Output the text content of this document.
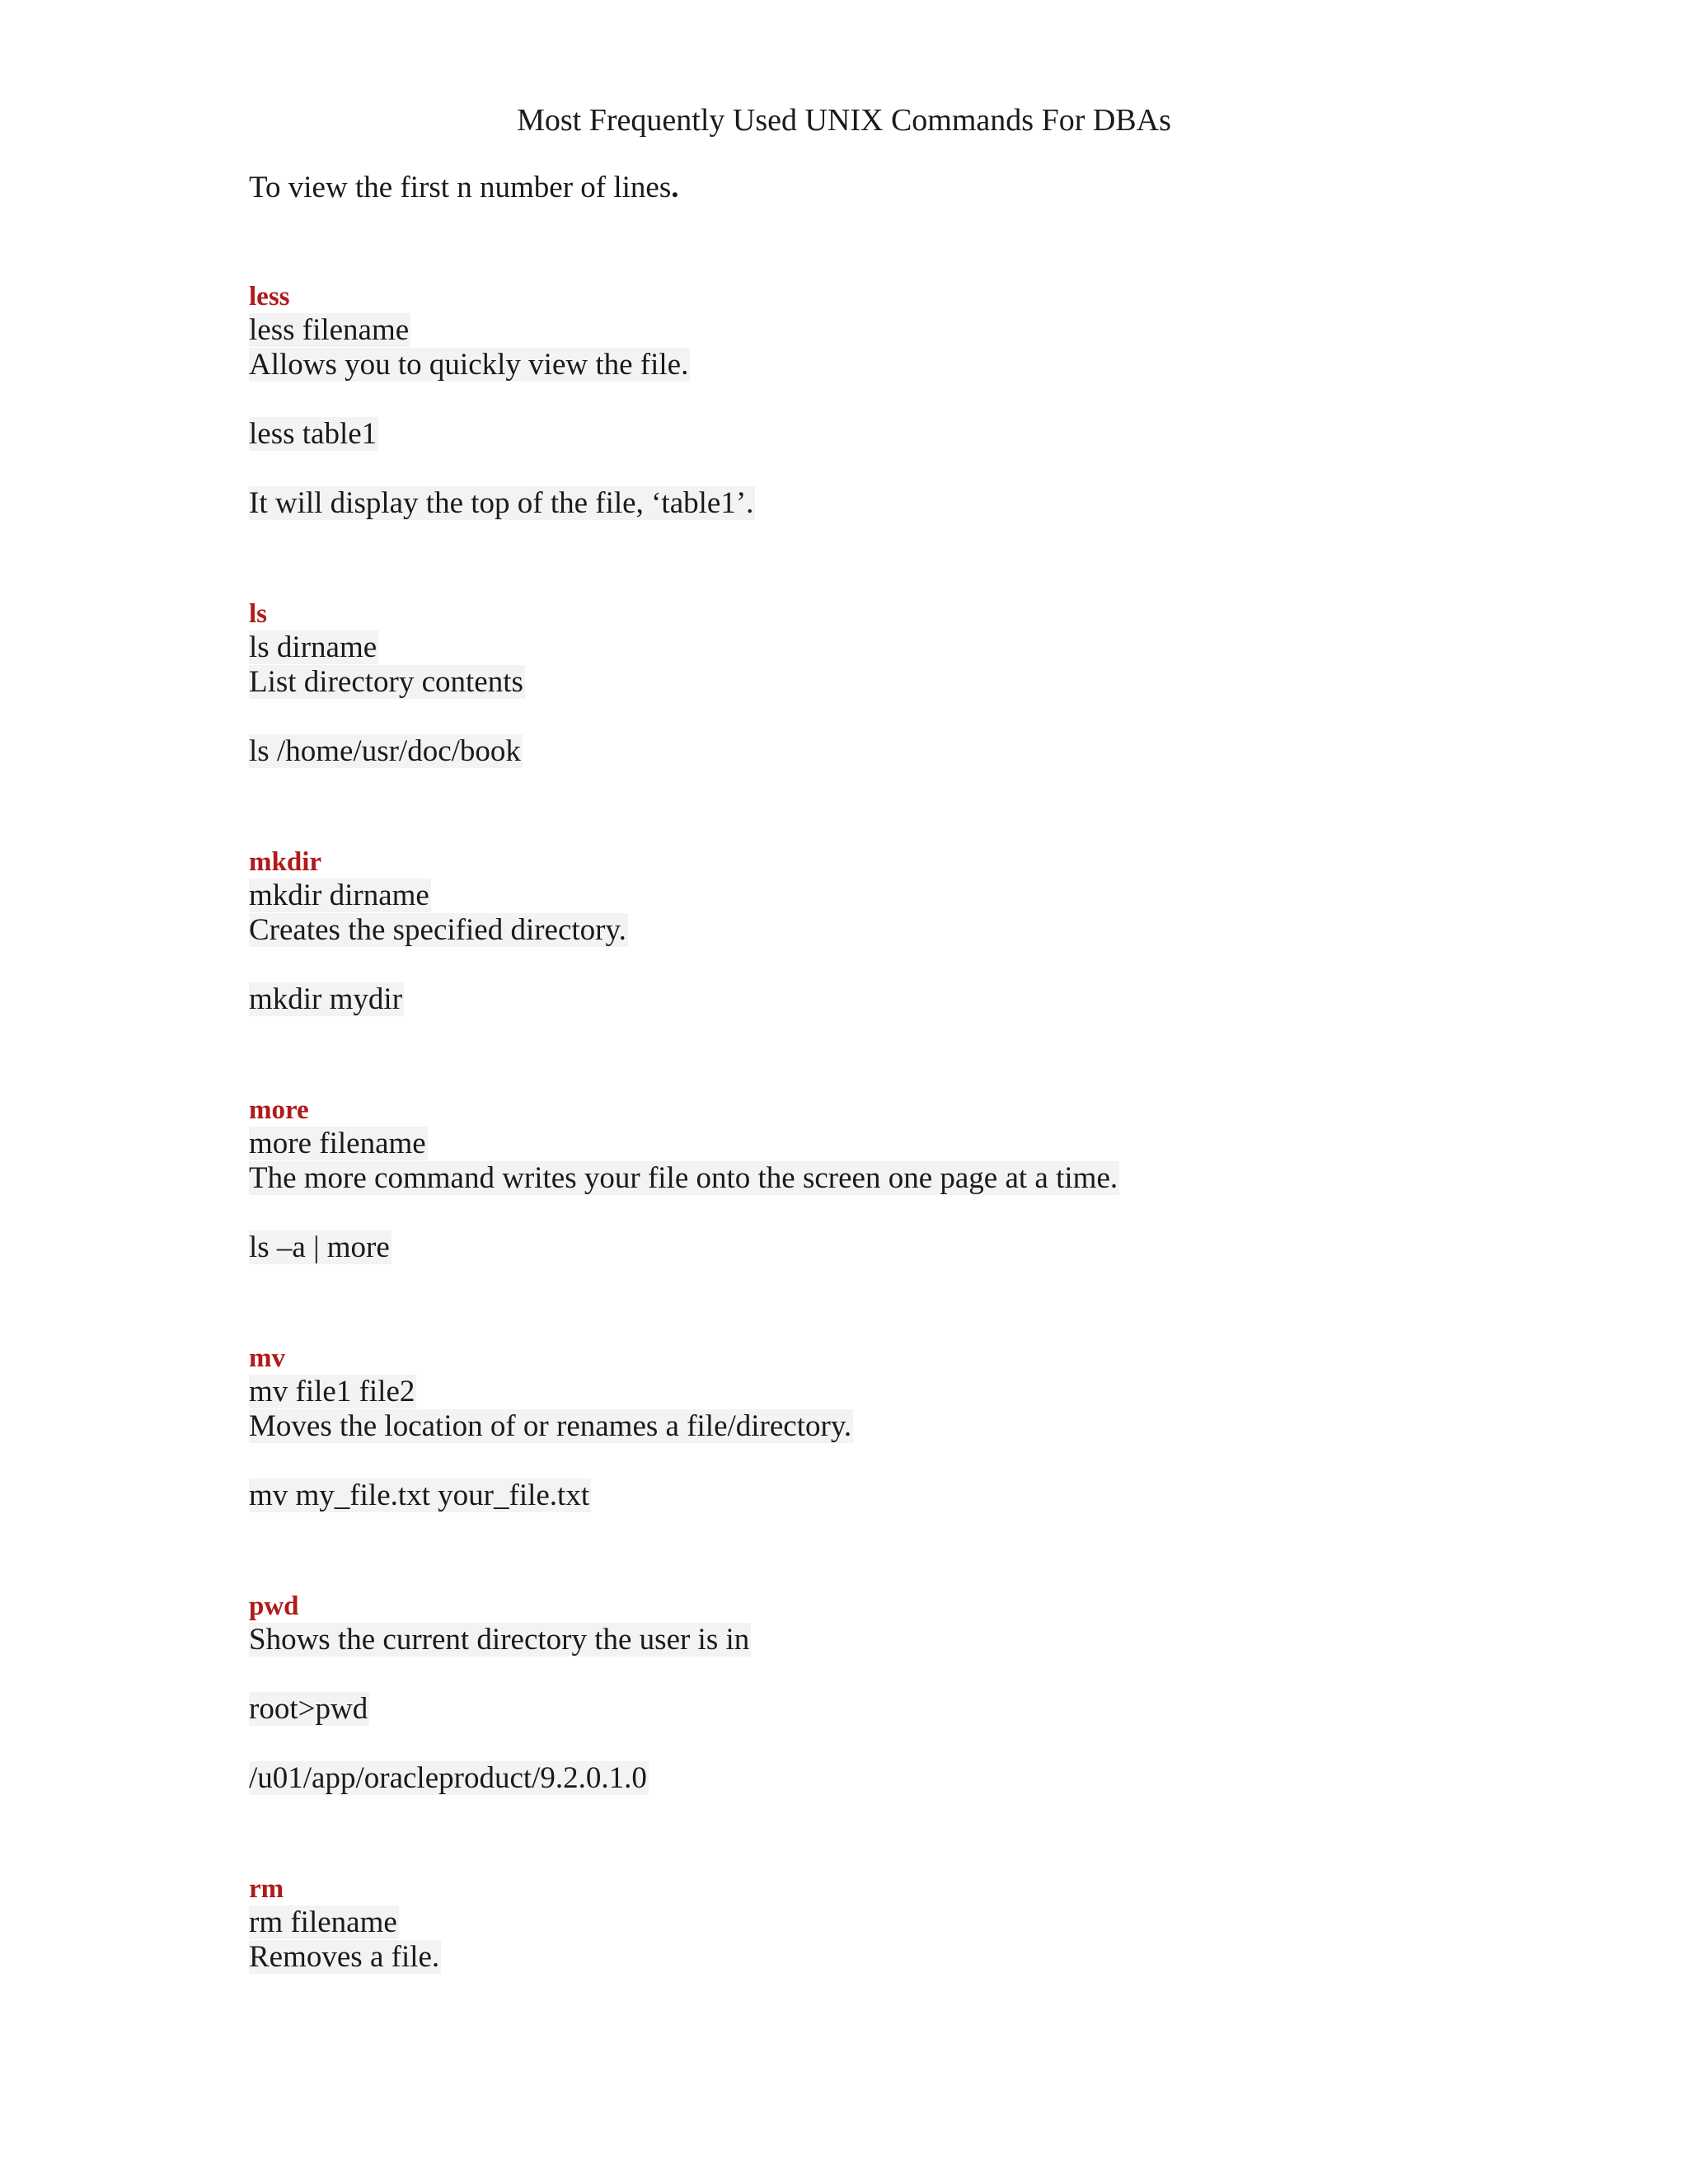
Most Frequently Used UNIX Commands For DBAs
To view the first n number of lines.
less
less filename
Allows you to quickly view the file.
less table1
It will display the top of the file, ‘table1’.
ls
ls dirname
List directory contents
ls /home/usr/doc/book
mkdir
mkdir dirname
Creates the specified directory.
mkdir mydir
more
more filename
The more command writes your file onto the screen one page at a time.
ls –a | more
mv
mv file1 file2
Moves the location of or renames a file/directory.
mv my_file.txt your_file.txt
pwd
Shows the current directory the user is in
root>pwd
/u01/app/oracleproduct/9.2.0.1.0
rm
rm filename
Removes a file.
